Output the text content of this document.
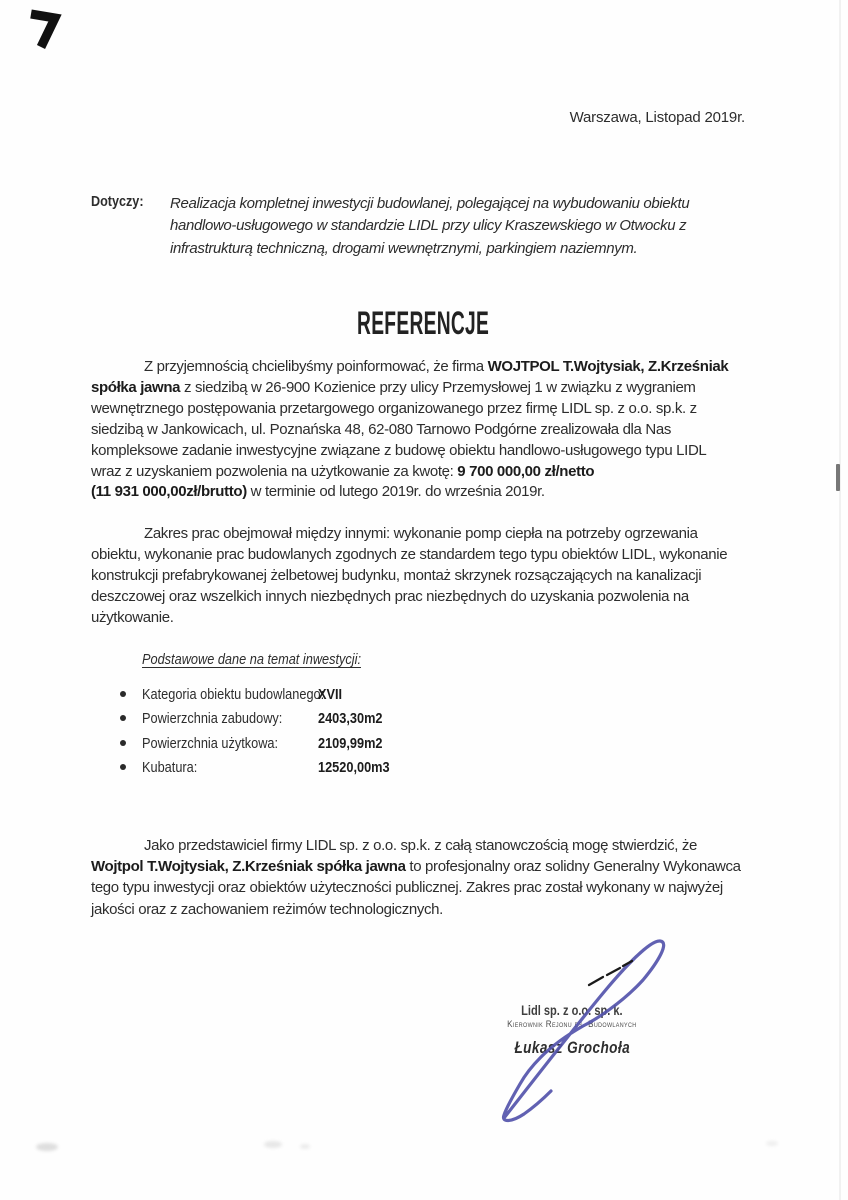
Warszawa, Listopad 2019r.
Dotyczy: Realizacja kompletnej inwestycji budowlanej, polegającej na wybudowaniu obiektu
handlowo-usługowego w standardzie LIDL przy ulicy Kraszewskiego w Otwocku z
infrastrukturą techniczną, drogami wewnętrznymi, parkingiem naziemnym.
REFERENCJE
Z przyjemnością chcielibyśmy poinformować, że firma WOJTPOL T.Wojtysiak, Z.Krześniak
spółka jawna z siedzibą w 26-900 Kozienice przy ulicy Przemysłowej 1 w związku z wygraniem
wewnętrznego postępowania przetargowego organizowanego przez firmę LIDL sp. z o.o. sp.k. z
siedzibą w Jankowicach, ul. Poznańska 48, 62-080 Tarnowo Podgórne zrealizowała dla Nas
kompleksowe zadanie inwestycyjne związane z budowę obiektu handlowo-usługowego typu LIDL
wraz z uzyskaniem pozwolenia na użytkowanie za kwotę: 9 700 000,00 zł/netto
(11 931 000,00zł/brutto) w terminie od lutego 2019r. do września 2019r.
Zakres prac obejmował między innymi: wykonanie pomp ciepła na potrzeby ogrzewania
obiektu, wykonanie prac budowlanych zgodnych ze standardem tego typu obiektów LIDL, wykonanie
konstrukcji prefabrykowanej żelbetowej budynku, montaż skrzynek rozsączających na kanalizacji
deszczowej oraz wszelkich innych niezbędnych prac niezbędnych do uzyskania pozwolenia na
użytkowanie.
Podstawowe dane na temat inwestycji:
Kategoria obiektu budowlanego:
XVII
Powierzchnia zabudowy: 2403,30m2
Powierzchnia użytkowa:	2109,99m2
Kubatura:	12520,00m3
Jako przedstawiciel firmy LIDL sp. z o.o. sp.k. z całą stanowczością mogę stwierdzić, że
Wojtpol T.Wojtysiak, Z.Krześniak spółka jawna to profesjonalny oraz solidny Generalny Wykonawca
tego typu inwestycji oraz obiektów użyteczności publicznej. Zakres prac został wykonany w najwyżej
jakości oraz z zachowaniem reżimów technologicznych.
Lidl sp. z o.o. sp. k.
Kierownik Rejonu ds. Budowlanych
Łukasz Grochoła
